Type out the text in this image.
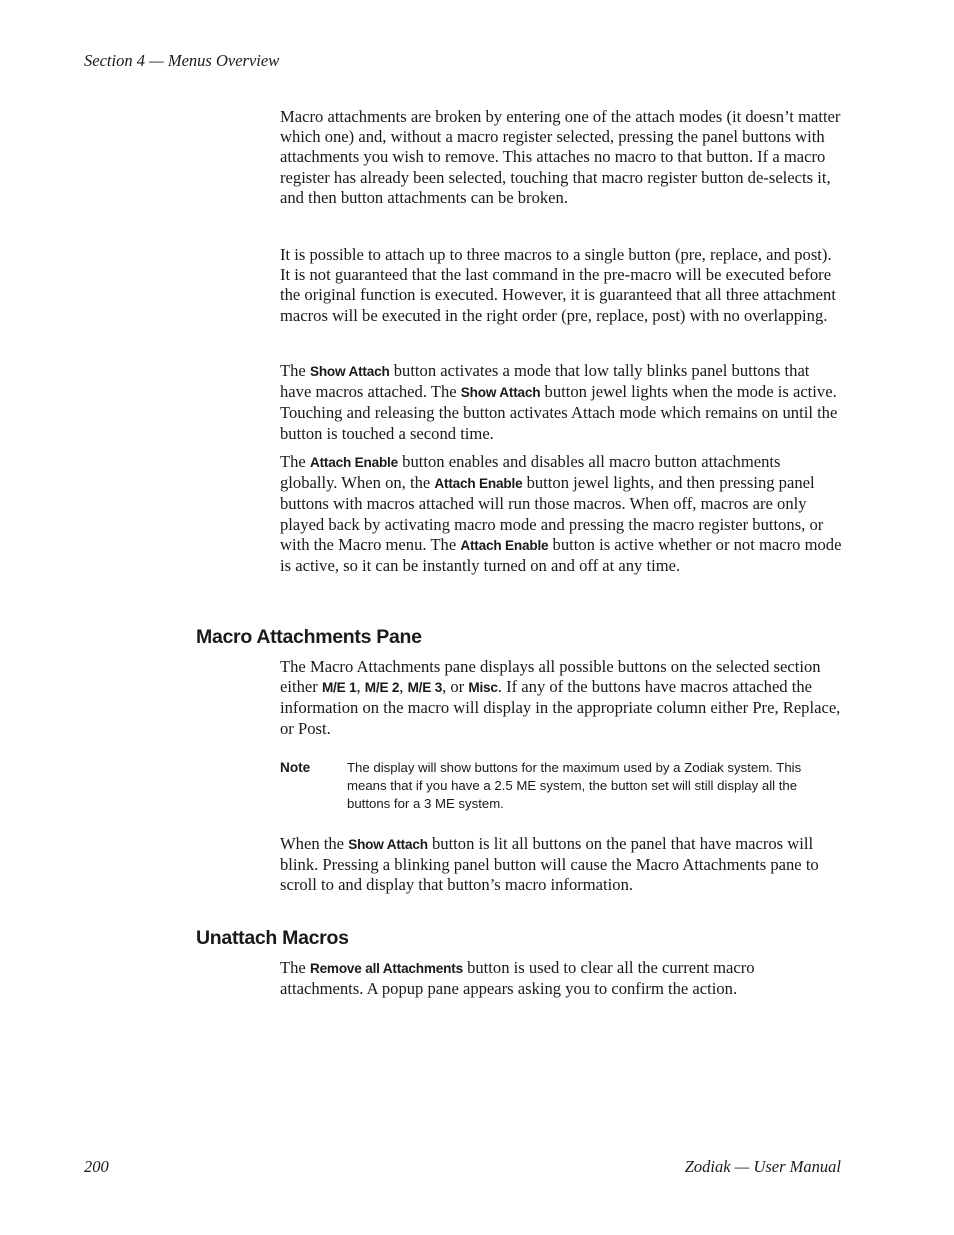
Section 4 — Menus Overview

Macro attachments are broken by entering one of the attach modes (it doesn’t matter which one) and, without a macro register selected, pressing the panel buttons with attachments you wish to remove. This attaches no macro to that button. If a macro register has already been selected, touching that macro register button de-selects it, and then button attachments can be broken.

It is possible to attach up to three macros to a single button (pre, replace, and post). It is not guaranteed that the last command in the pre-macro will be executed before the original function is executed. However, it is guaranteed that all three attachment macros will be executed in the right order (pre, replace, post) with no overlapping.

The Show Attach button activates a mode that low tally blinks panel buttons that have macros attached. The Show Attach button jewel lights when the mode is active. Touching and releasing the button activates Attach mode which remains on until the button is touched a second time.

The Attach Enable button enables and disables all macro button attachments globally. When on, the Attach Enable button jewel lights, and then pressing panel buttons with macros attached will run those macros. When off, macros are only played back by activating macro mode and pressing the macro register buttons, or with the Macro menu. The Attach Enable button is active whether or not macro mode is active, so it can be instantly turned on and off at any time.

Macro Attachments Pane

The Macro Attachments pane displays all possible buttons on the selected section either M/E 1, M/E 2, M/E 3, or Misc. If any of the buttons have macros attached the information on the macro will display in the appropriate column either Pre, Replace, or Post.

Note	The display will show buttons for the maximum used by a Zodiak system. This means that if you have a 2.5 ME system, the button set will still display all the buttons for a 3 ME system.

When the Show Attach button is lit all buttons on the panel that have macros will blink. Pressing a blinking panel button will cause the Macro Attachments pane to scroll to and display that button’s macro information.

Unattach Macros

The Remove all Attachments button is used to clear all the current macro attachments. A popup pane appears asking you to confirm the action.

200	Zodiak — User Manual
